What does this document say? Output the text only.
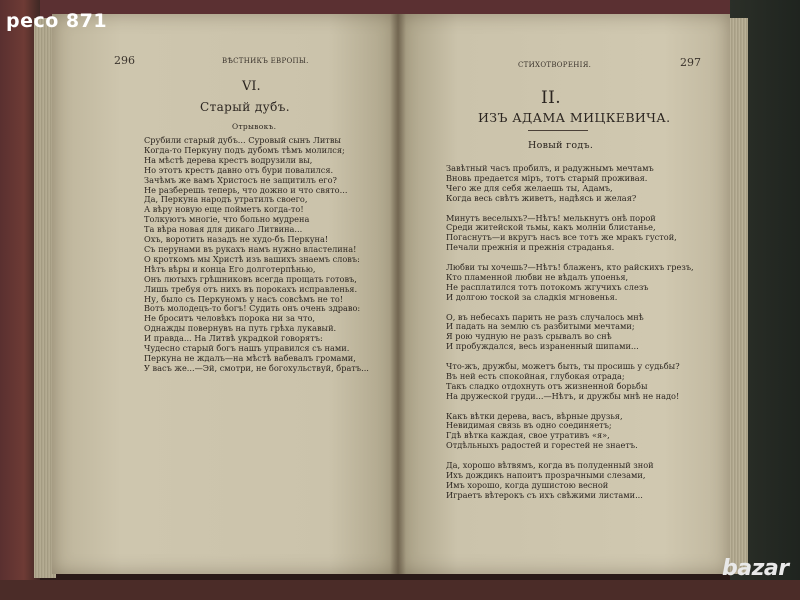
296	ВѢСТНИКЪ ЕВРОПЫ.
VI.
Старый дубъ.
Отрывокъ.
Срубили старый дубъ... Суровый сынъ Литвы
Когда-то Перкуну подъ дубомъ тѣмъ молился;
На мѣстѣ дерева крестъ водрузили вы,
Но этотъ крестъ давно отъ бури повалился.
Зачѣмъ же вамъ Христосъ не защитилъ его?
Не разберешь теперь, что дожно и что свято...
Да, Перкуна народъ утратилъ своего,
А вѣру новую еще пойметъ когда-то!
Толкуютъ многіе, что больно мудрена
Та вѣра новая для дикаго Литвина...
Охъ, воротить назадъ не худо-бъ Перкуна!
Съ перунами въ рукахъ намъ нужно властелина!
О кроткомъ мы Христѣ изъ вашихъ знаемъ словъ:
Нѣтъ вѣры и конца Его долготерпѣнью,
Онъ лютыхъ грѣшниковъ всегда прощать готовъ,
Лишь требуя отъ нихъ въ порокахъ исправленья.
Ну, было съ Перкуномъ у насъ совсѣмъ не то!
Вотъ молодецъ-то богъ! Судить онъ очень здраво:
Не броситъ человѣкъ порока ни за что,
Однажды повернувъ на путь грѣха лукавый.
И правда... На Литвѣ украдкой говорятъ:
Чудесно старый богъ нашъ управился съ нами.
Перкуна не ждалъ—на мѣстѣ вабевалъ громами,
У васъ же...—Эй, смотри, не богохульствуй, братъ...
СТИХОТВОРЕНІЯ.	297
II.
ИЗЪ АДАМА МИЦКЕВИЧА.
Новый годъ.
Завѣтный часъ пробилъ, и радужнымъ мечтамъ
Вновь предается міръ, тотъ старый проживая.
Чего же для себя желаешь ты, Адамъ,
Когда весь свѣтъ живетъ, надѣясь и желая?
Минутъ веселыхъ?—Нѣтъ! мелькнутъ онѣ порой
Среди житейской тьмы, какъ молніи блистанье,
Погаснутъ—и вкругъ насъ все тотъ же мракъ густой,
Печали прежнія и прежнія страданья.
Любви ты хочешь?—Нѣтъ! блаженъ, кто райскихъ грезъ,
Кто пламенной любви не вѣдалъ упоенья,
Не расплатился тотъ потокомъ жгучихъ слезъ
И долгою тоской за сладкія мгновенья.
О, въ небесахъ парить не разъ случалось мнѣ
И падать на землю съ разбитыми мечтами;
Я рою чудную не разъ срывалъ во снѣ
И пробуждался, весь израненный шипами...
Что-жъ, дружбы, можетъ быть, ты просишь у судьбы?
Въ ней есть спокойная, глубокая отрада;
Такъ сладко отдохнуть отъ жизненной борьбы
На дружеской груди...—Нѣтъ, и дружбы мнѣ не надо!
Какъ вѣтки дерева, васъ, вѣрные друзья,
Невидимая связь въ одно соединяетъ;
Гдѣ вѣтка каждая, свое утративъ «я»,
Отдѣльныхъ радостей и горестей не знаетъ.
Да, хорошо вѣтвямъ, когда въ полуденный зной
Ихъ дождикъ напоитъ прозрачными слезами,
Имъ хорошо, когда душистою весной
Играетъ вѣтерокъ съ ихъ свѣжими листами...
peco 871
bazar
